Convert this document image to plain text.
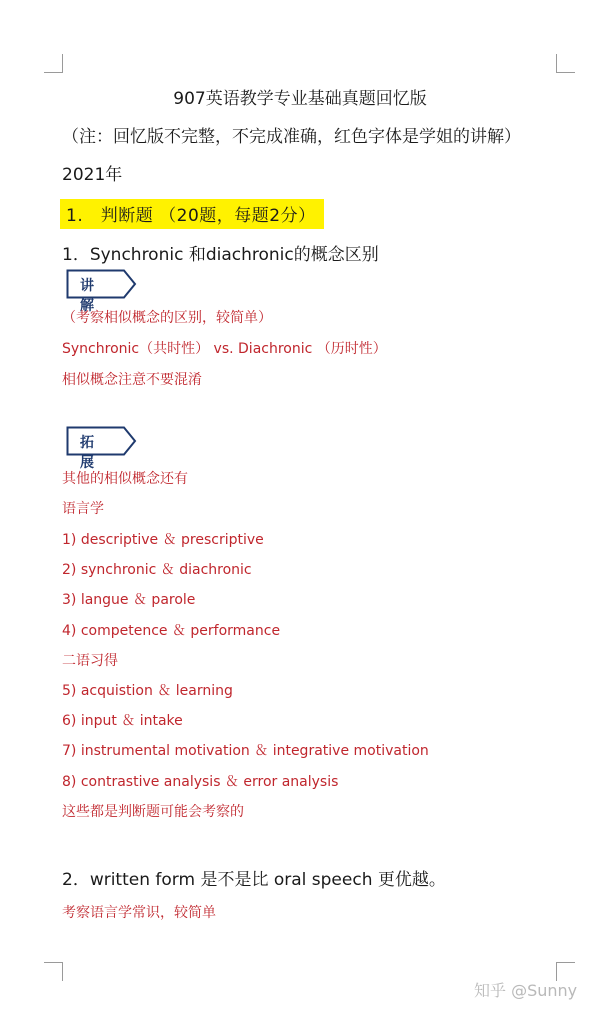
907英语教学专业基础真题回忆版
（注：回忆版不完整，不完成准确，红色字体是学姐的讲解）
2021年
1.　判断题 （20题，每题2分）
1．Synchronic 和diachronic的概念区别
讲解
（考察相似概念的区别，较简单）
Synchronic（共时性） vs. Diachronic （历时性）
相似概念注意不要混淆
拓展
其他的相似概念还有
语言学
1) descriptive ＆ prescriptive
2) synchronic ＆ diachronic
3) langue ＆ parole
4) competence ＆ performance
二语习得
5) acquistion ＆ learning
6) input ＆ intake
7) instrumental motivation ＆ integrative motivation
8) contrastive analysis ＆ error analysis
这些都是判断题可能会考察的
2．written form 是不是比 oral speech 更优越。
考察语言学常识，较简单
知乎 @Sunny
